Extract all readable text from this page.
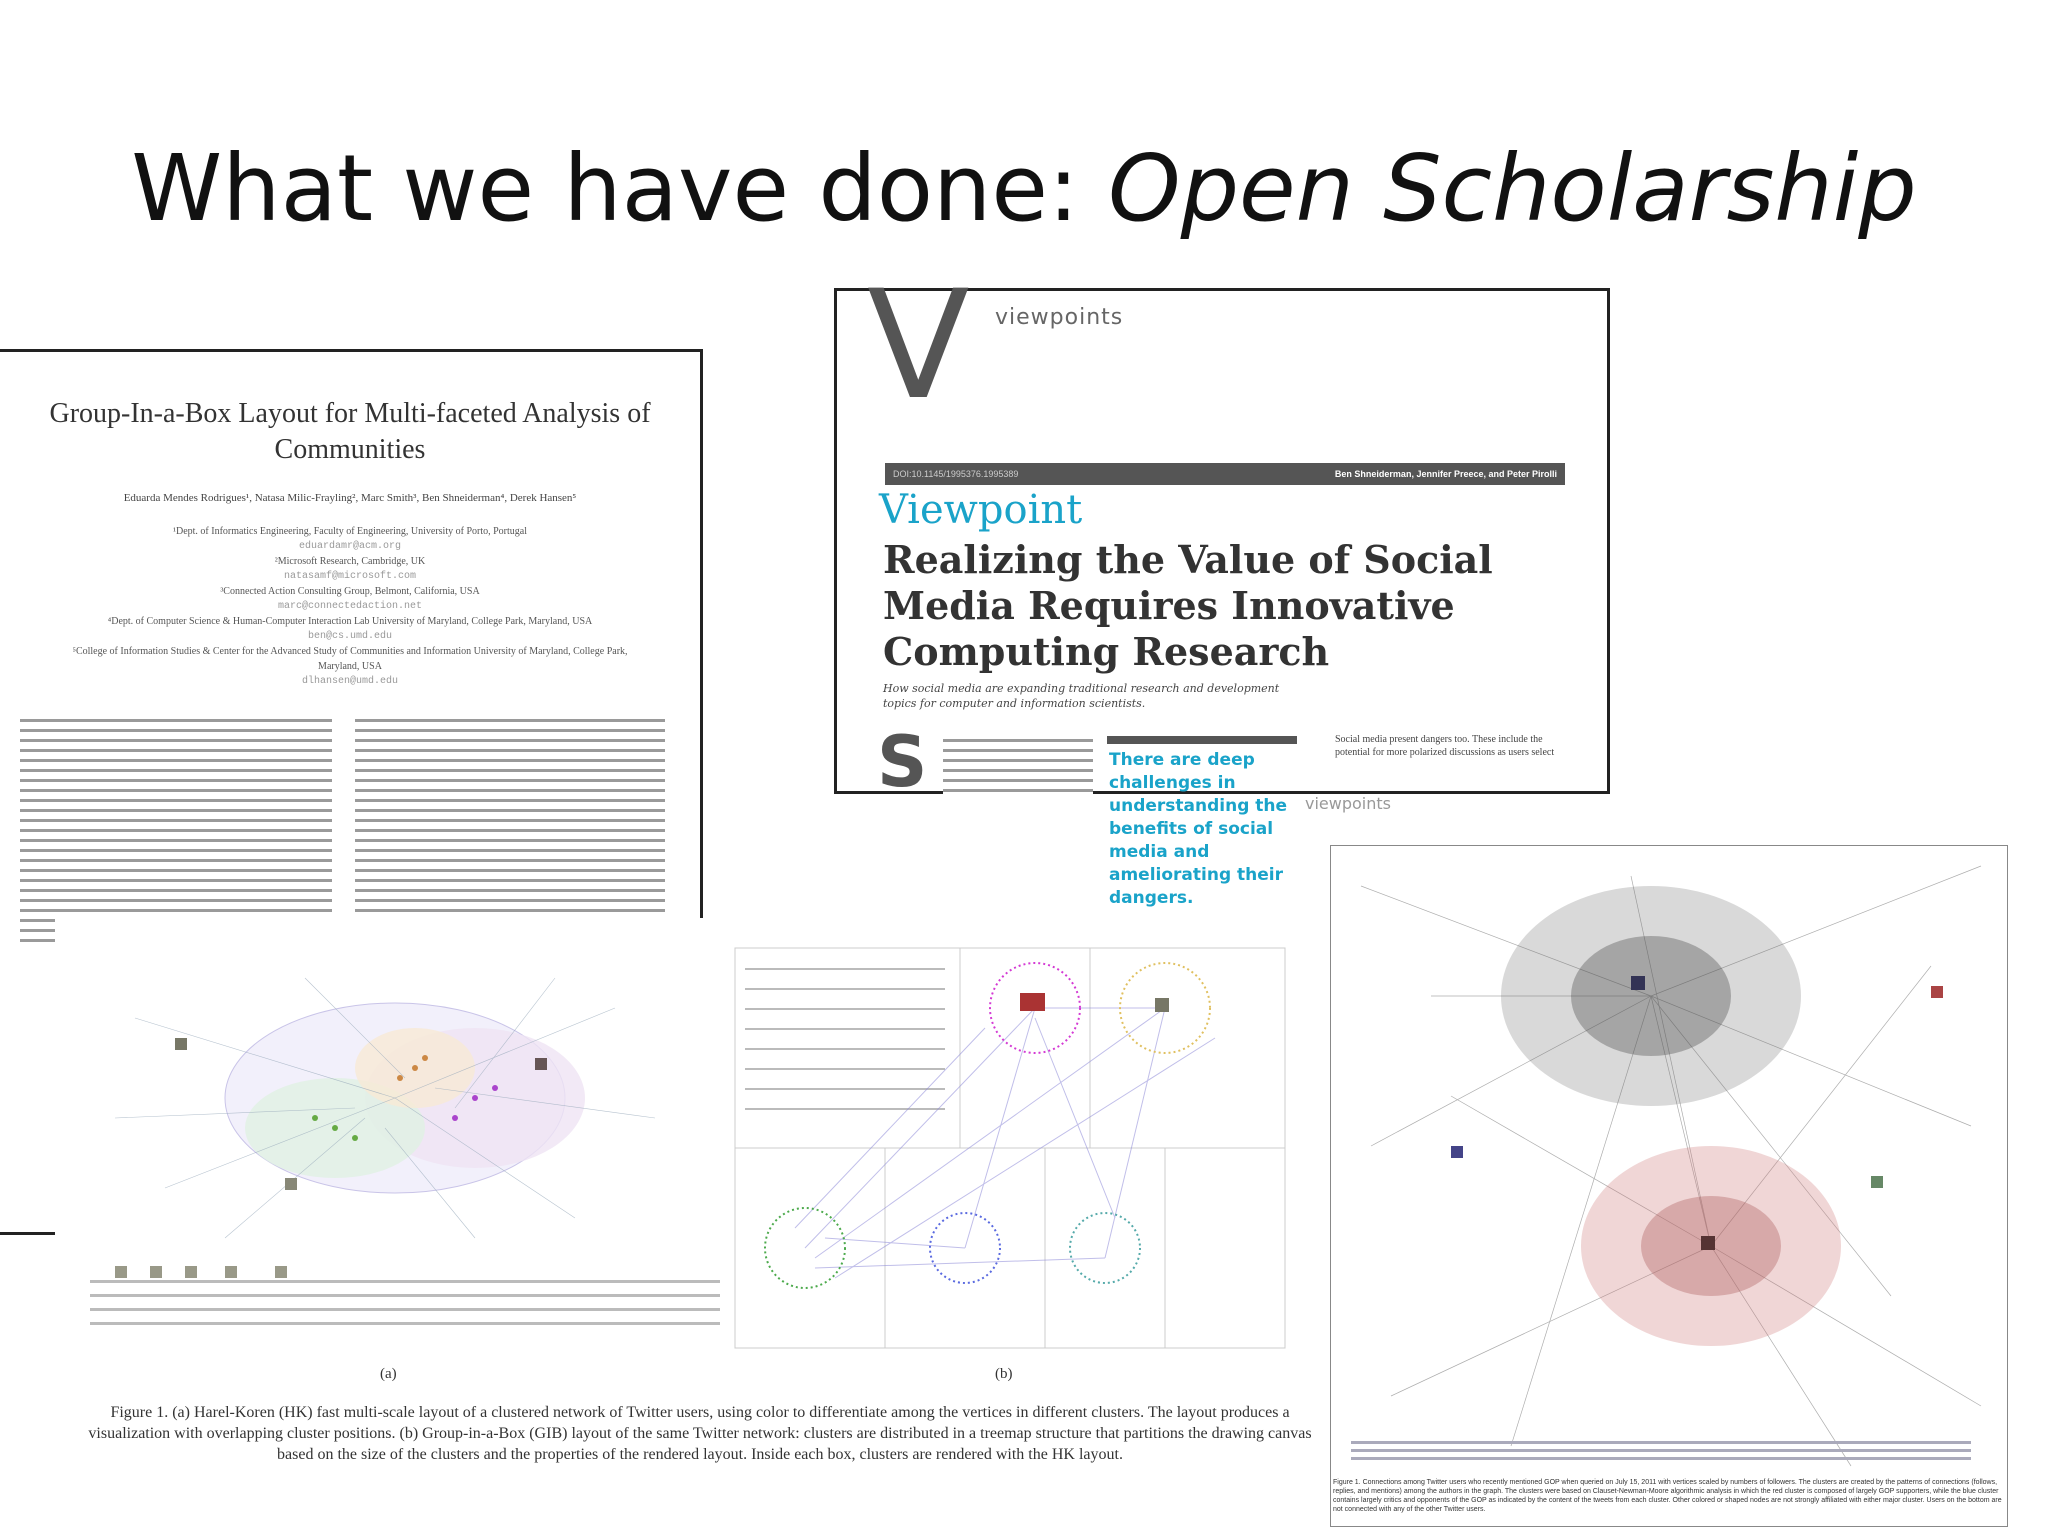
What we have done: Open Scholarship
Group-In-a-Box Layout for Multi-faceted Analysis of Communities
Eduarda Mendes Rodrigues¹, Natasa Milic-Frayling², Marc Smith³, Ben Shneiderman⁴, Derek Hansen⁵
¹Dept. of Informatics Engineering, Faculty of Engineering, University of Porto, Portugal
eduardamr@acm.org
²Microsoft Research, Cambridge, UK
natasamf@microsoft.com
³Connected Action Consulting Group, Belmont, California, USA
marc@connectedaction.net
⁴Dept. of Computer Science & Human-Computer Interaction Lab University of Maryland, College Park, Maryland, USA
ben@cs.umd.edu
⁵College of Information Studies & Center for the Advanced Study of Communities and Information University of Maryland, College Park, Maryland, USA
dlhansen@umd.edu
V viewpoints
DOI:10.1145/1995376.1995389	Ben Shneiderman, Jennifer Preece, and Peter Pirolli
Viewpoint
Realizing the Value of Social Media Requires Innovative Computing Research
How social media are expanding traditional research and development topics for computer and information scientists.
S	There are deep challenges in understanding the benefits of social media and ameliorating their dangers.
Social media present dangers too. These include the potential for more polarized discussions as users select
viewpoints
(a)	(b)
Figure 1. (a) Harel-Koren (HK) fast multi-scale layout of a clustered network of Twitter users, using color to differentiate among the vertices in different clusters. The layout produces a visualization with overlapping cluster positions. (b) Group-in-a-Box (GIB) layout of the same Twitter network: clusters are distributed in a treemap structure that partitions the drawing canvas based on the size of the clusters and the properties of the rendered layout. Inside each box, clusters are rendered with the HK layout.
Figure 1. Connections among Twitter users who recently mentioned GOP when queried on July 15, 2011 with vertices scaled by numbers of followers. The clusters are created by the patterns of connections (follows, replies, and mentions) among the authors in the graph. The clusters were based on Clauset-Newman-Moore algorithmic analysis in which the red cluster is composed of largely GOP supporters, while the blue cluster contains largely critics and opponents of the GOP as indicated by the content of the tweets from each cluster. Other colored or shaped nodes are not strongly affiliated with either major cluster. Users on the bottom are not connected with any of the other Twitter users.
